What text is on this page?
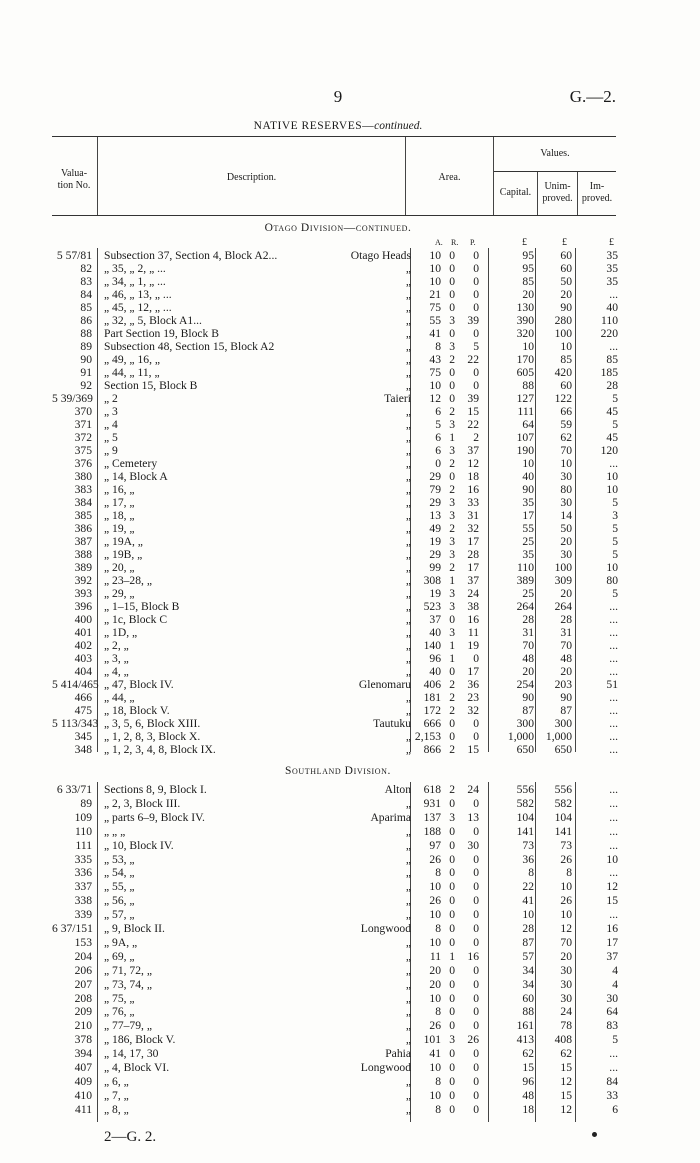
9	G.—2.
NATIVE RESERVES—continued.
Valua-
tion No.
Description.	Area.
Values.
Capital.
Unim-
proved.
Im-
proved.
A. R. P.	£	£	£
Otago Division—continued.
5 57/81 Subsection 37, Section 4, Block A2...	Otago Heads	10 0	0	95	60	35
82 „ 35, „ 2, „ ...	„	10 0	0	95	60	35
83 „ 34, „ 1, „ ...	„	10 0	0	85	50	35
84 „ 46, „ 13, „ ...	„	21 0	0	20	20	...
85 „ 45, „ 12, „ ...	„	75 0	0	130	90	40
86 „ 32, „ 5, Block A1...	„	55 3	39	390	280	110
88 Part Section 19, Block B	„	41 0	0	320	100	220
89 Subsection 48, Section 15, Block A2	„	8 3	5	10	10	...
90 „ 49, „ 16, „	„	43 2	22	170	85	85
91 „ 44, „ 11, „	„	75 0	0	605	420	185
92 Section 15, Block B	„	10 0	0	88	60	28
5 39/369 „ 2	Taieri	12 0	39	127	122	5
370 „ 3	„	6 2	15	111	66	45
371 „ 4	„	5 3	22	64	59	5
372 „ 5	„	6 1	2	107	62	45
375 „ 9	„	6 3	37	190	70	120
376 „ Cemetery	„	0 2	12	10	10	...
380 „ 14, Block A	„	29 0	18	40	30	10
383 „ 16, „	„	79 2	16	90	80	10
384 „ 17, „	„	29 3	33	35	30	5
385 „ 18, „	„	13 3	31	17	14	3
386 „ 19, „	„	49 2	32	55	50	5
387 „ 19A, „	„	19 3	17	25	20	5
388 „ 19B, „	„	29 3	28	35	30	5
389 „ 20, „	„	99 2	17	110	100	10
392 „ 23–28, „	„	308 1	37	389	309	80
393 „ 29, „	„	19 3	24	25	20	5
396 „ 1–15, Block B	„	523 3	38	264	264	...
400 „ 1c, Block C	„	37 0	16	28	28	...
401 „ 1D, „	„	40 3	11	31	31	...
402 „ 2, „	„	140 1	19	70	70	...
403 „ 3, „	„	96 1	0	48	48	...
404 „ 4, „	„	40 0	17	20	20	...
5 414/465 „ 47, Block IV.	Glenomaru	406 2	36	254	203	51
466 „ 44, „	„	181 2	23	90	90	...
475 „ 18, Block V.	„	172 2	32	87	87	...
5 113/343 „ 3, 5, 6, Block XIII.	Tautuku	666 0	0	300	300	...
345 „ 1, 2, 8, 3, Block X.	„ 2,153 0	0	1,000	1,000	...
348 „ 1, 2, 3, 4, 8, Block IX.	„	866 2	15	650	650	...
Southland Division.
6 33/71 Sections 8, 9, Block I.	Alton	618 2	24	556	556	...
89 „ 2, 3, Block III.	„	931 0	0	582	582	...
109 „ parts 6–9, Block IV.	Aparima	137 3	13	104	104	...
110 „ „ „	„	188 0	0	141	141	...
111 „ 10, Block IV.	„	97 0	30	73	73	...
335 „ 53, „	„	26 0	0	36	26	10
336 „ 54, „	„	8 0	0	8	8	...
337 „ 55, „	„	10 0	0	22	10	12
338 „ 56, „	„	26 0	0	41	26	15
339 „ 57, „	„	10 0	0	10	10	...
6 37/151 „ 9, Block II.	Longwood	8 0	0	28	12	16
153 „ 9A, „	„	10 0	0	87	70	17
204 „ 69, „	„	11 1	16	57	20	37
206 „ 71, 72, „	„	20 0	0	34	30	4
207 „ 73, 74, „	„	20 0	0	34	30	4
208 „ 75, „	„	10 0	0	60	30	30
209 „ 76, „	„	8 0	0	88	24	64
210 „ 77–79, „	„	26 0	0	161	78	83
378 „ 186, Block V.	„	101 3	26	413	408	5
394 „ 14, 17, 30	Pahia	41 0	0	62	62	...
407 „ 4, Block VI.	Longwood	10 0	0	15	15	...
409 „ 6, „	„	8 0	0	96	12	84
410 „ 7, „	„	10 0	0	48	15	33
411 „ 8, „	„	8 0	0	18	12	6
2—G. 2.
